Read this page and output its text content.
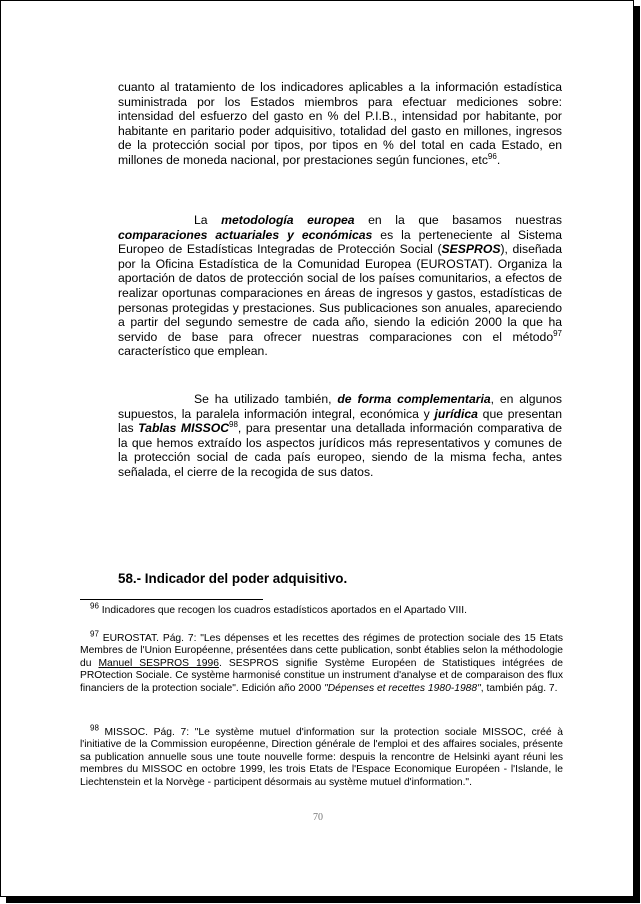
cuanto al tratamiento de los indicadores aplicables a la información estadística suministrada por los Estados miembros para efectuar mediciones sobre: intensidad del esfuerzo del gasto en % del P.I.B., intensidad por habitante, por habitante en paritario poder adquisitivo, totalidad del gasto en millones, ingresos de la protección social por tipos, por tipos en % del total en cada Estado, en millones de moneda nacional, por prestaciones según funciones, etc$^{96}$.

La metodología europea en la que basamos nuestras comparaciones actuariales y económicas es la perteneciente al Sistema Europeo de Estadísticas Integradas de Protección Social (SESPROS), diseñada por la Oficina Estadística de la Comunidad Europea (EUROSTAT). Organiza la aportación de datos de protección social de los países comunitarios, a efectos de realizar oportunas comparaciones en áreas de ingresos y gastos, estadísticas de personas protegidas y prestaciones. Sus publicaciones son anuales, apareciendo a partir del segundo semestre de cada año, siendo la edición 2000 la que ha servido de base para ofrecer nuestras comparaciones con el método$^{97}$ característico que emplean.

Se ha utilizado también, de forma complementaria, en algunos supuestos, la paralela información integral, económica y jurídica que presentan las Tablas MISSOC$^{98}$, para presentar una detallada información comparativa de la que hemos extraído los aspectos jurídicos más representativos y comunes de la protección social de cada país europeo, siendo de la misma fecha, antes señalada, el cierre de la recogida de sus datos.

58.- Indicador del poder adquisitivo.

$^{96}$ Indicadores que recogen los cuadros estadísticos aportados en el Apartado VIII.

$^{97}$ EUROSTAT. Pág. 7: "Les dépenses et les recettes des régimes de protection sociale des 15 Etats Membres de l'Union Européenne, présentées dans cette publication, sonbt établies selon la méthodologie du Manuel SESPROS 1996. SESPROS signifie Système Européen de Statistiques intégrées de PROtection Sociale. Ce système harmonisé constitue un instrument d'analyse et de comparaison des flux financiers de la protection sociale". Edición año 2000 "Dépenses et recettes 1980-1988", también pág. 7.

$^{98}$ MISSOC. Pág. 7: "Le système mutuel d'information sur la protection sociale MISSOC, créé à l'initiative de la Commission européenne, Direction générale de l'emploi et des affaires sociales, présente sa publication annuelle sous une toute nouvelle forme: despuis la rencontre de Helsinki ayant réuni les membres du MISSOC en octobre 1999, les trois Etats de l'Espace Economique Européen - l'Islande, le Liechtenstein et la Norvège - participent désormais au système mutuel d'information.".

70
